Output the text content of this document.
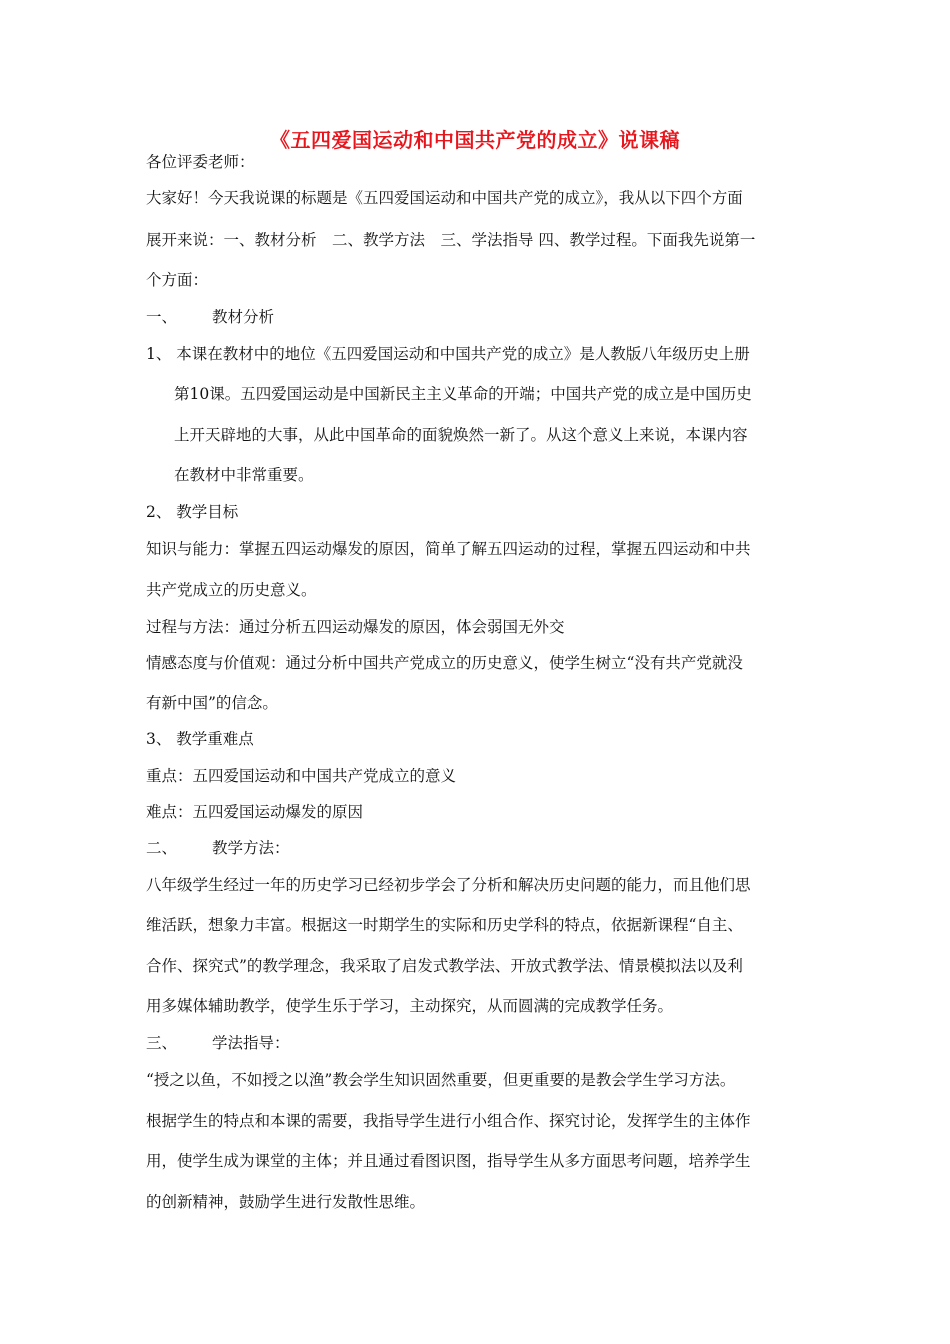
《五四爱国运动和中国共产党的成立》说课稿
各位评委老师：
大家好！今天我说课的标题是《五四爱国运动和中国共产党的成立》，我从以下四个方面
展开来说：一、教材分析　二、教学方法　三、学法指导 四、教学过程。下面我先说第一
个方面：
一、 教材分析
1、 本课在教材中的地位《五四爱国运动和中国共产党的成立》是人教版八年级历史上册
第10课。五四爱国运动是中国新民主主义革命的开端；中国共产党的成立是中国历史
上开天辟地的大事，从此中国革命的面貌焕然一新了。从这个意义上来说，本课内容
在教材中非常重要。
2、 教学目标
知识与能力：掌握五四运动爆发的原因，简单了解五四运动的过程，掌握五四运动和中共
共产党成立的历史意义。
过程与方法：通过分析五四运动爆发的原因，体会弱国无外交
情感态度与价值观：通过分析中国共产党成立的历史意义，使学生树立“没有共产党就没
有新中国”的信念。
3、 教学重难点
重点：五四爱国运动和中国共产党成立的意义
难点：五四爱国运动爆发的原因
二、 教学方法：
八年级学生经过一年的历史学习已经初步学会了分析和解决历史问题的能力，而且他们思
维活跃，想象力丰富。根据这一时期学生的实际和历史学科的特点，依据新课程“自主、
合作、探究式”的教学理念，我采取了启发式教学法、开放式教学法、情景模拟法以及利
用多媒体辅助教学，使学生乐于学习，主动探究，从而圆满的完成教学任务。
三、 学法指导：
“授之以鱼，不如授之以渔”教会学生知识固然重要，但更重要的是教会学生学习方法。
根据学生的特点和本课的需要，我指导学生进行小组合作、探究讨论，发挥学生的主体作
用，使学生成为课堂的主体；并且通过看图识图，指导学生从多方面思考问题，培养学生
的创新精神，鼓励学生进行发散性思维。
